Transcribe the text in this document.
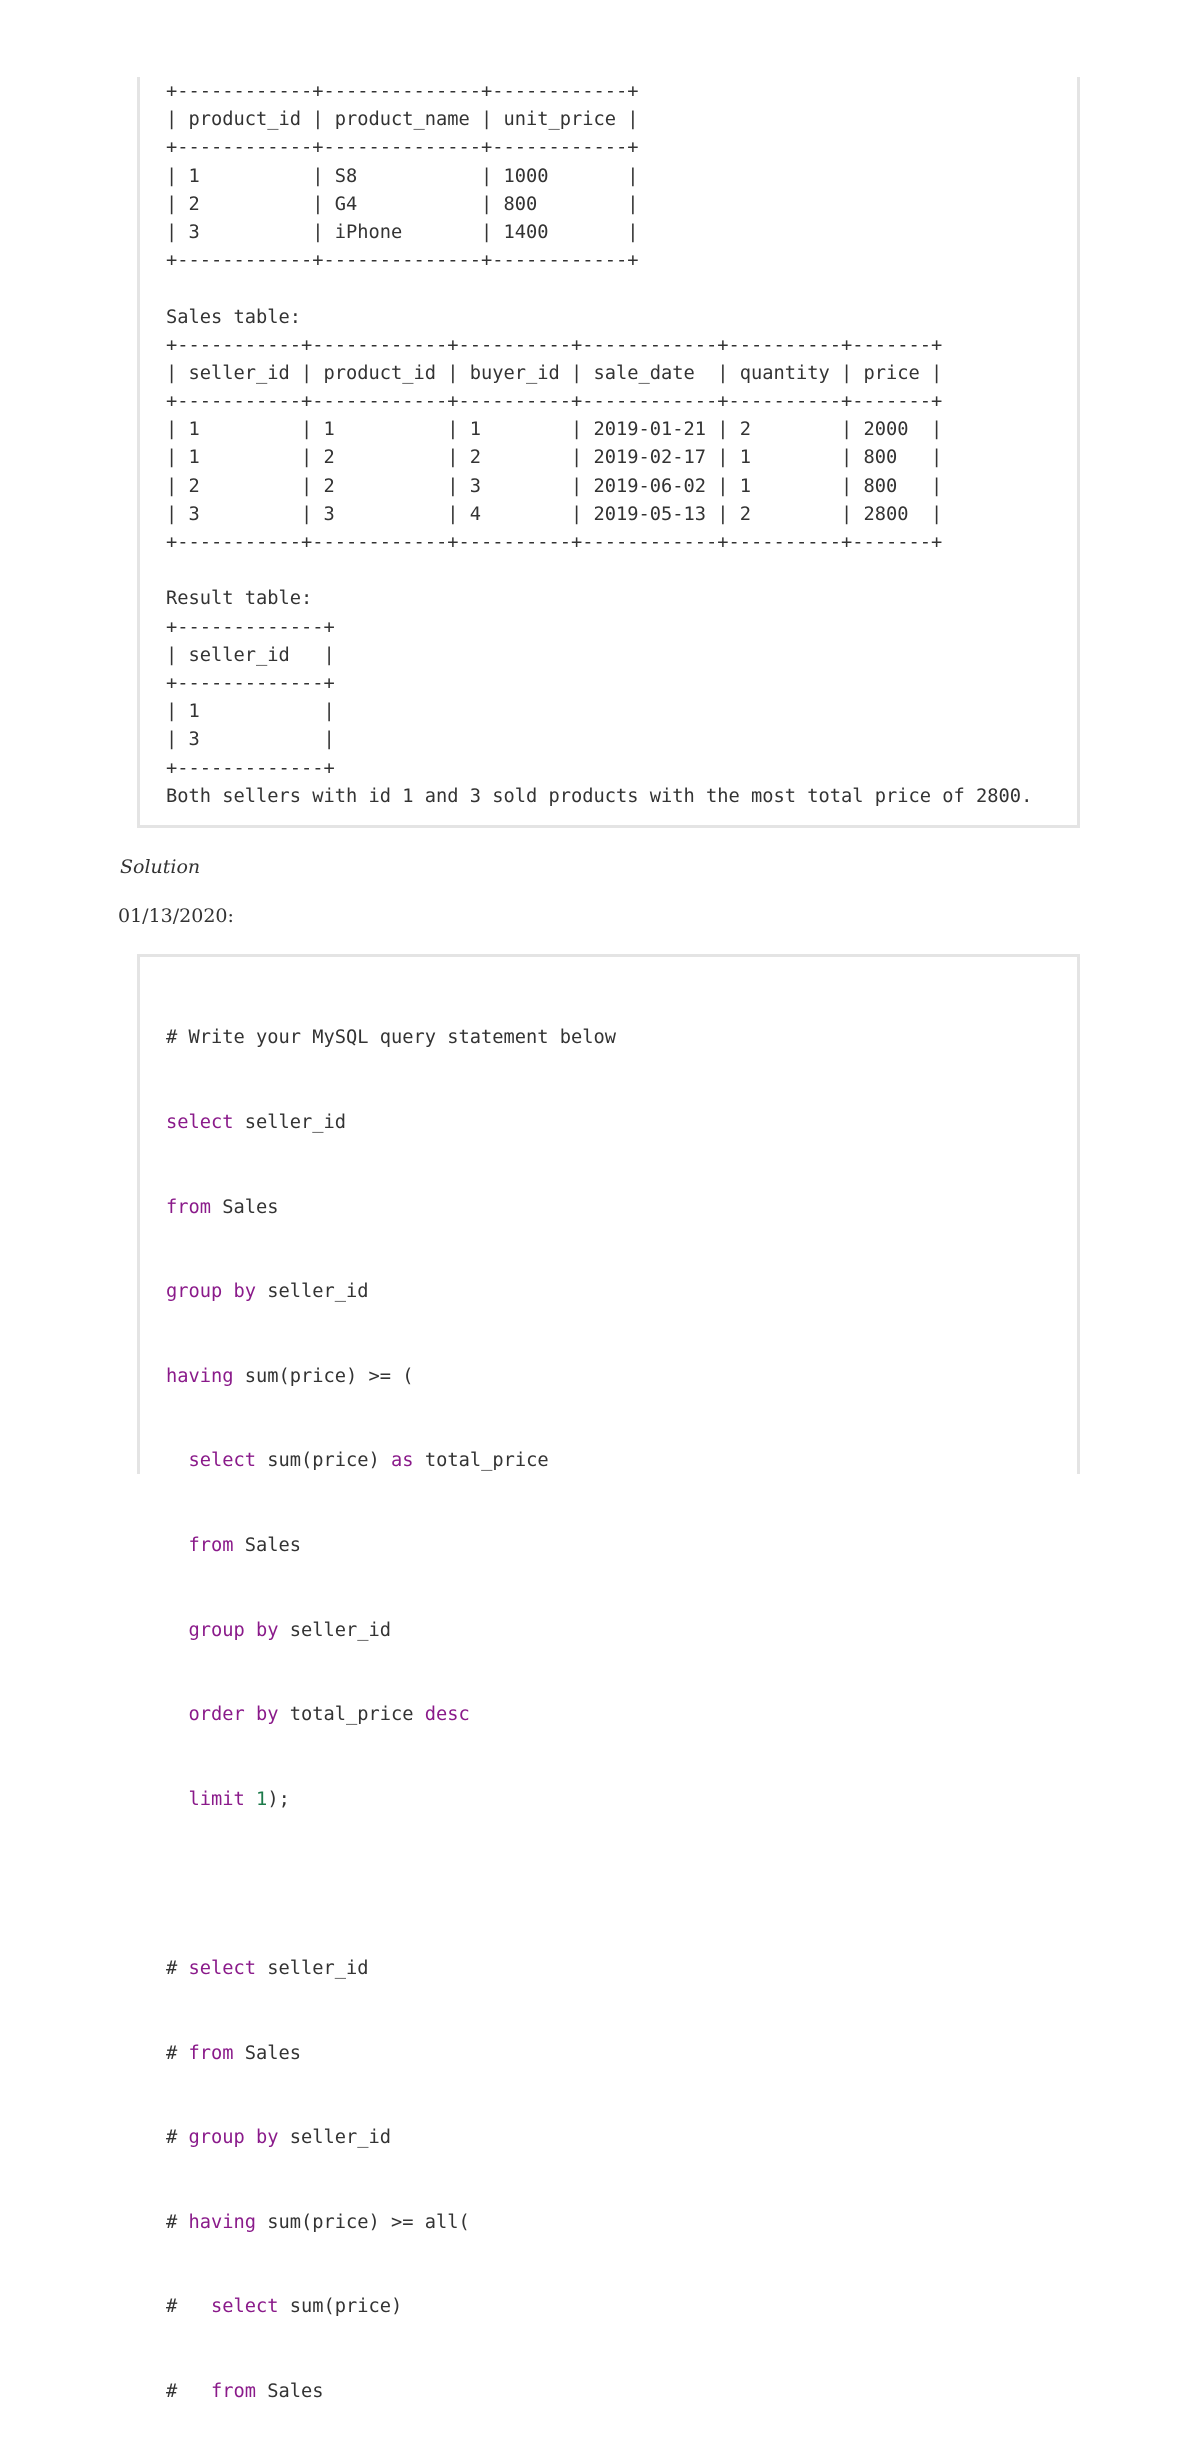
+------------+--------------+------------+
| product_id | product_name | unit_price |
+------------+--------------+------------+
| 1          | S8           | 1000       |
| 2          | G4           | 800        |
| 3          | iPhone       | 1400       |
+------------+--------------+------------+
Sales table:
+-----------+------------+----------+------------+----------+-------+
| seller_id | product_id | buyer_id | sale_date  | quantity | price |
+-----------+------------+----------+------------+----------+-------+
| 1         | 1          | 1        | 2019-01-21 | 2        | 2000  |
| 1         | 2          | 2        | 2019-02-17 | 1        | 800   |
| 2         | 2          | 3        | 2019-06-02 | 1        | 800   |
| 3         | 3          | 4        | 2019-05-13 | 2        | 2800  |
+-----------+------------+----------+------------+----------+-------+
Result table:
+-------------+
| seller_id   |
+-------------+
| 1           |
| 3           |
+-------------+
Both sellers with id 1 and 3 sold products with the most total price of 2800.
Solution
01/13/2020:

# Write your MySQL query statement below

select seller_id

from Sales

group by seller_id

having sum(price) >= (

select sum(price) as total_price

from Sales

group by seller_id

order by total_price desc

limit 1);

# select seller_id

# from Sales

# group by seller_id

# having sum(price) >= all(

#   select sum(price)

#   from Sales
